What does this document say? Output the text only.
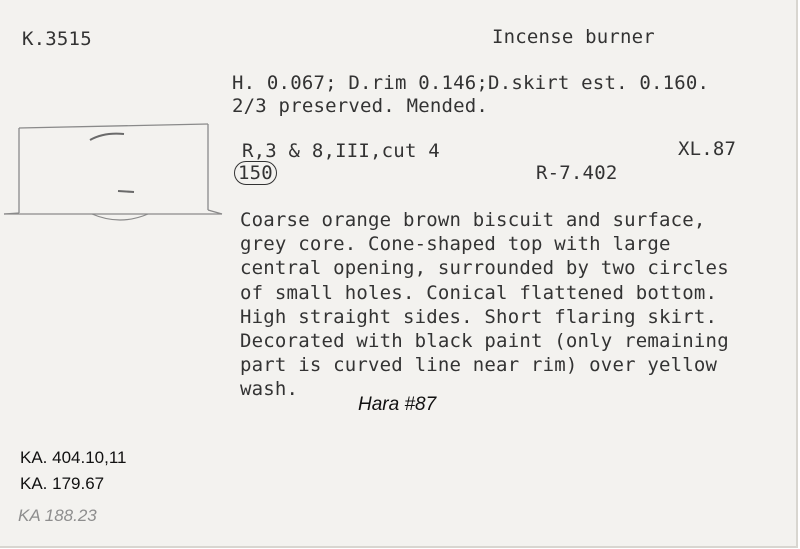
K.3515	Incense burner
H. 0.067; D.rim 0.146;D.skirt est. 0.160.
2/3 preserved. Mended.
R,3 & 8,III,cut 4	XL.87
150	R-7.402
Coarse orange brown biscuit and surface,
grey core. Cone-shaped top with large
central opening, surrounded by two circles
of small holes. Conical flattened bottom.
High straight sides. Short flaring skirt.
Decorated with black paint (only remaining
part is curved line near rim) over yellow
wash.
Hara #87
KA. 404.10,11
KA. 179.67
KA 188.23
